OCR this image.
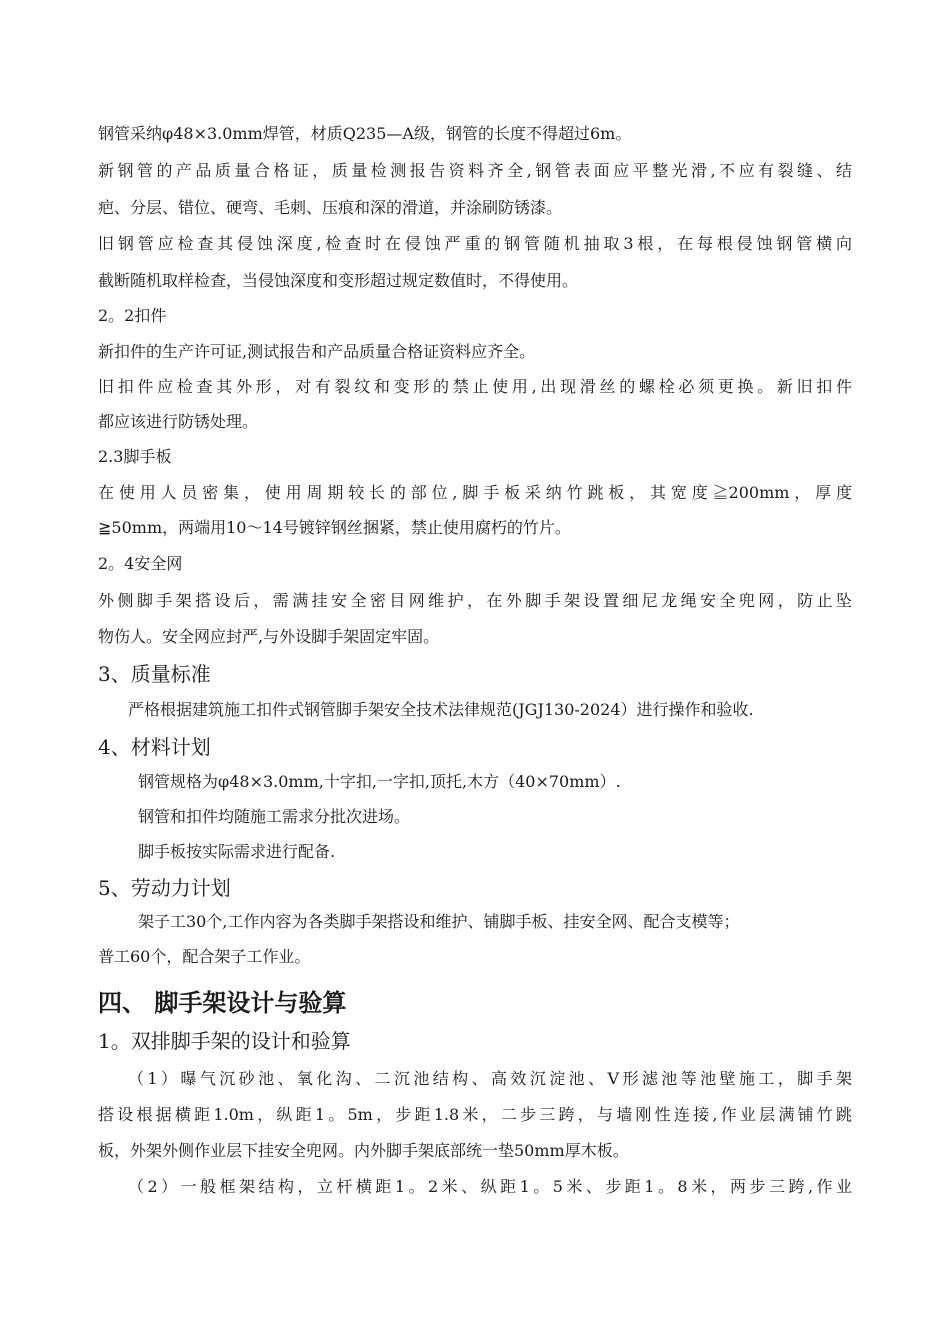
钢管采纳φ48×3.0mm焊管，材质Q235—A级，钢管的长度不得超过6m。
新钢管的产品质量合格证，质量检测报告资料齐全,钢管表面应平整光滑,不应有裂缝、结
疤、分层、错位、硬弯、毛刺、压痕和深的滑道，并涂刷防锈漆。
旧钢管应检查其侵蚀深度,检查时在侵蚀严重的钢管随机抽取3根，在每根侵蚀钢管横向
截断随机取样检查，当侵蚀深度和变形超过规定数值时，不得使用。
2。2扣件
新扣件的生产许可证,测试报告和产品质量合格证资料应齐全。
旧扣件应检查其外形，对有裂纹和变形的禁止使用,出现滑丝的螺栓必须更换。新旧扣件
都应该进行防锈处理。
2.3脚手板
在使用人员密集，使用周期较长的部位,脚手板采纳竹跳板，其宽度≧200mm，厚度
≧50mm，两端用10～14号镀锌钢丝捆紧，禁止使用腐朽的竹片。
2。4安全网
外侧脚手架搭设后，需满挂安全密目网维护，在外脚手架设置细尼龙绳安全兜网，防止坠
物伤人。安全网应封严,与外设脚手架固定牢固。
3、质量标准
严格根据建筑施工扣件式钢管脚手架安全技术法律规范(JGJ130-2024）进行操作和验收.
4、材料计划
钢管规格为φ48×3.0mm,十字扣,一字扣,顶托,木方（40×70mm）.
钢管和扣件均随施工需求分批次进场。
脚手板按实际需求进行配备.
5、劳动力计划
架子工30个,工作内容为各类脚手架搭设和维护、铺脚手板、挂安全网、配合支模等；
普工60个，配合架子工作业。
四、 脚手架设计与验算
1。双排脚手架的设计和验算
（1）曝气沉砂池、氧化沟、二沉池结构、高效沉淀池、V形滤池等池壁施工，脚手架
搭设根据横距1.0m，纵距1。5m，步距1.8米，二步三跨，与墙刚性连接,作业层满铺竹跳
板，外架外侧作业层下挂安全兜网。内外脚手架底部统一垫50mm厚木板。
（2）一般框架结构，立杆横距1。2米、纵距1。5米、步距1。8米，两步三跨,作业
